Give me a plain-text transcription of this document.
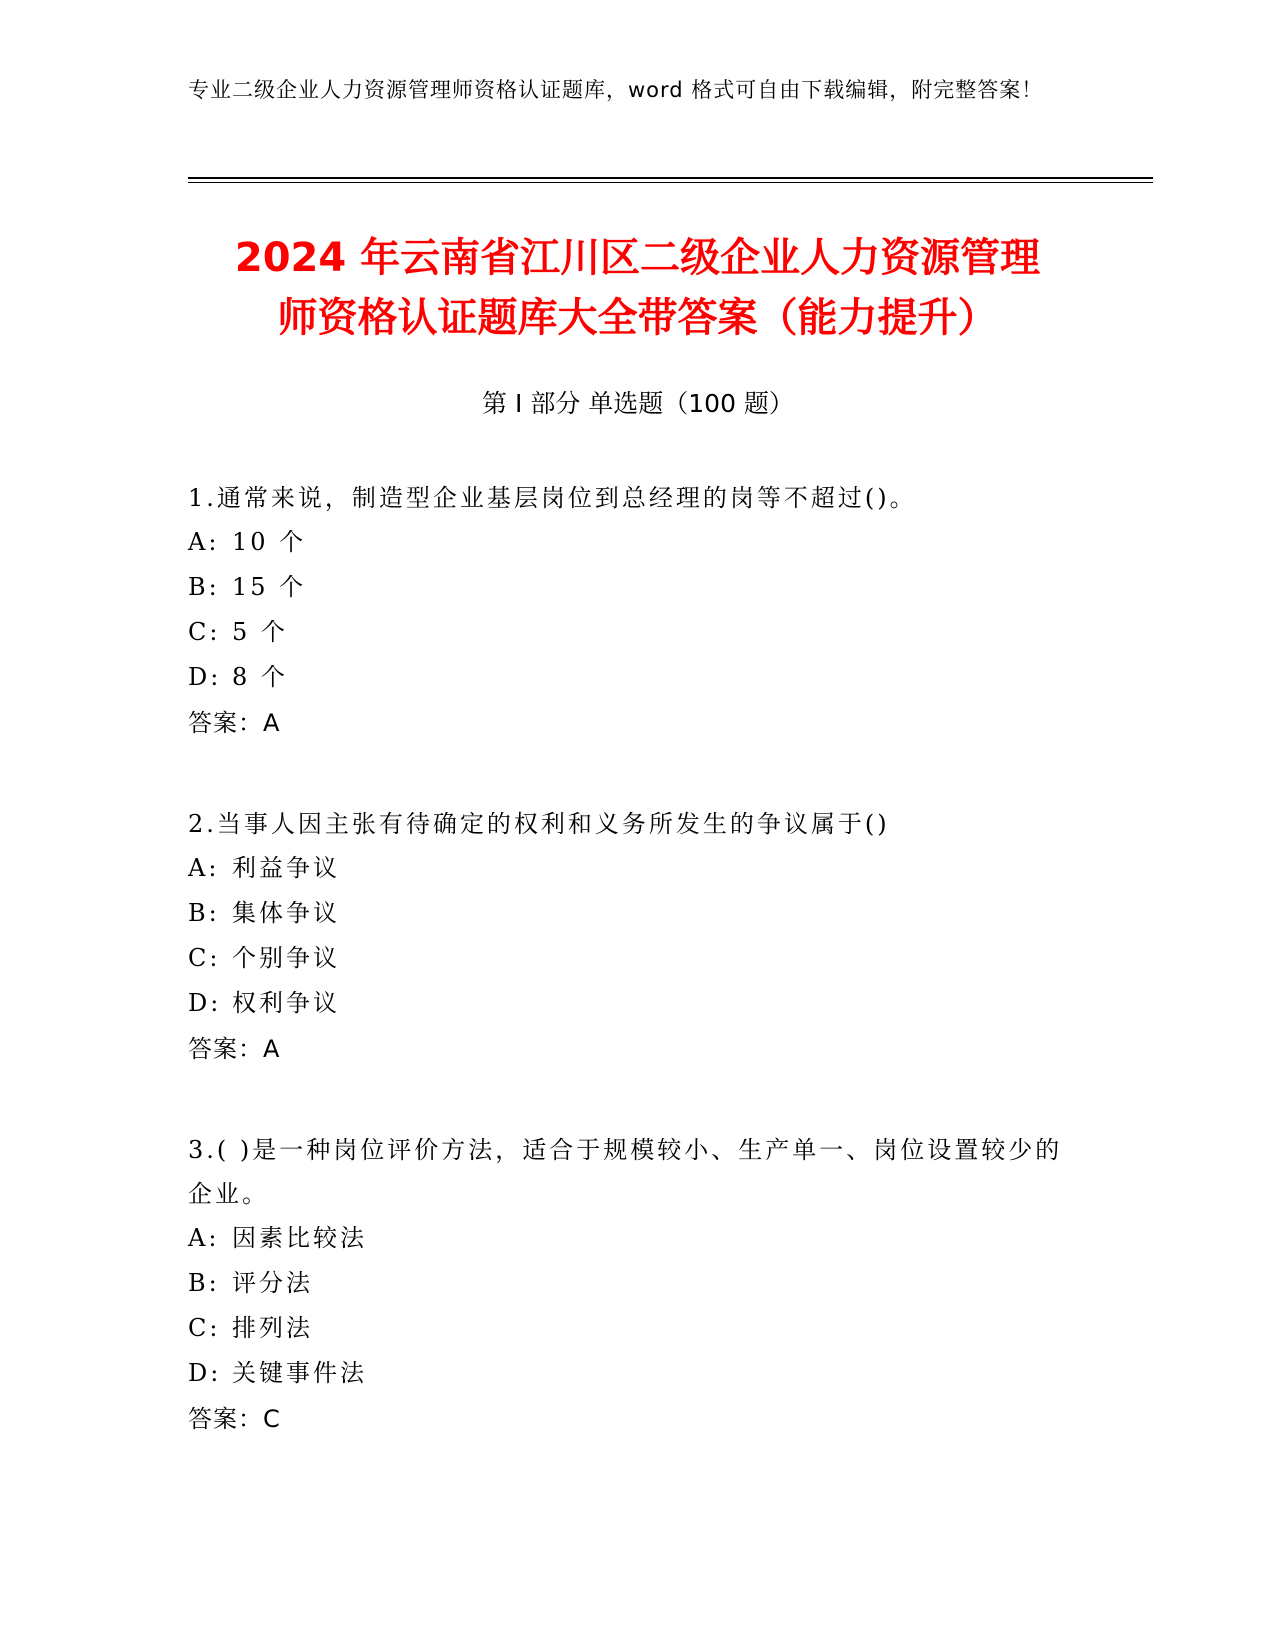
专业二级企业人力资源管理师资格认证题库，word 格式可自由下载编辑，附完整答案！
2024 年云南省江川区二级企业人力资源管理
师资格认证题库大全带答案（能力提升）
第 I 部分 单选题（100 题）
1.通常来说，制造型企业基层岗位到总经理的岗等不超过()。
A: 10 个
B: 15 个
C: 5 个
D: 8 个
答案：A
2.当事人因主张有待确定的权利和义务所发生的争议属于()
A: 利益争议
B: 集体争议
C: 个别争议
D: 权利争议
答案：A
3.( )是一种岗位评价方法，适合于规模较小、生产单一、岗位设置较少的企业。
A: 因素比较法
B: 评分法
C: 排列法
D: 关键事件法
答案：C
